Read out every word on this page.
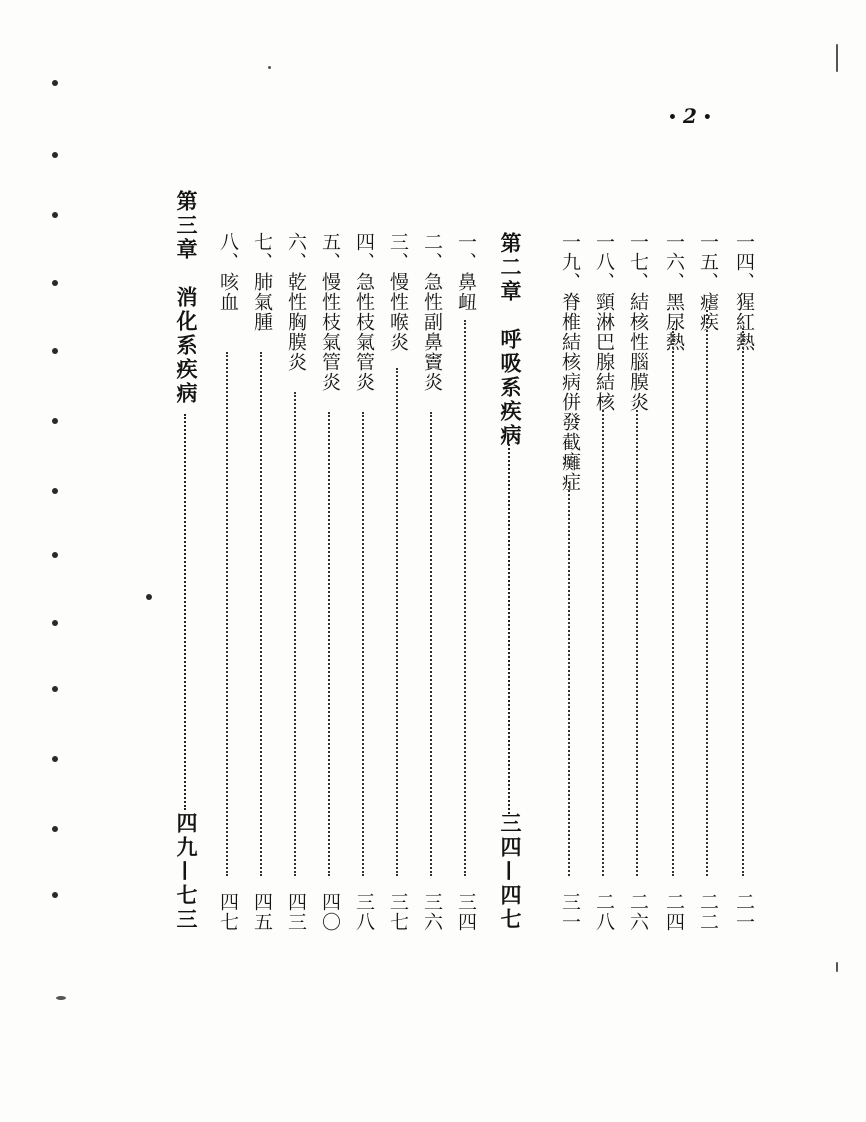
•2•
一四、猩紅熱
二一
一五、瘧疾
二二
一六、黑尿熱
二四
一七、結核性腦膜炎
二六
一八、頸淋巴腺結核
二八
一九、脊椎結核病併發截癱症
三一
第二章　呼吸系疾病
三四—四七
一、鼻衄
三四
二、急性副鼻竇炎
三六
三、慢性喉炎
三七
四、急性枝氣管炎
三八
五、慢性枝氣管炎
四〇
六、乾性胸膜炎
四三
七、肺氣腫
四五
八、咳血
四七
第三章　消化系疾病
四九—七三
